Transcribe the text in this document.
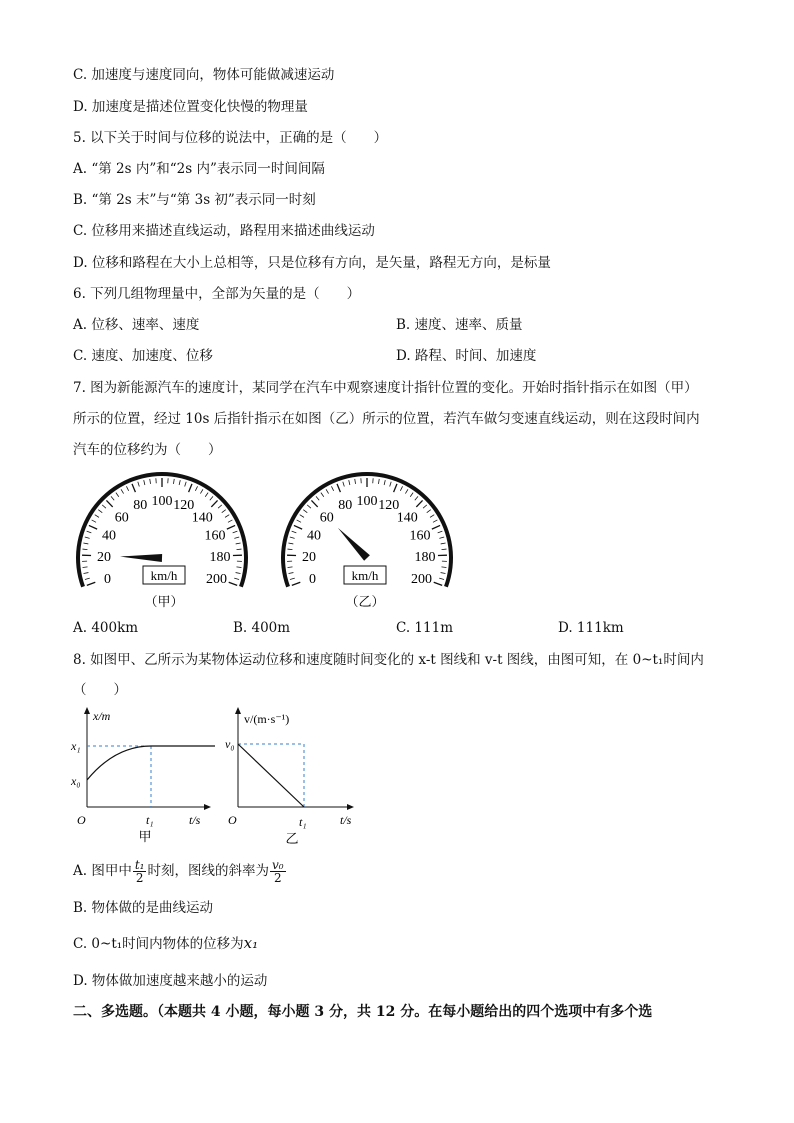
C. 加速度与速度同向，物体可能做减速运动
D. 加速度是描述位置变化快慢的物理量
5. 以下关于时间与位移的说法中，正确的是（　　）
A. “第 2s 内”和“2s 内”表示同一时间间隔
B. “第 2s 末”与“第 3s 初”表示同一时刻
C. 位移用来描述直线运动，路程用来描述曲线运动
D. 位移和路程在大小上总相等，只是位移有方向，是矢量，路程无方向，是标量
6. 下列几组物理量中，全部为矢量的是（　　）
A. 位移、速率、速度	B. 速度、速率、质量
C. 速度、加速度、位移	D. 路程、时间、加速度
7. 图为新能源汽车的速度计，某同学在汽车中观察速度计指针位置的变化。开始时指针指示在如图（甲）
所示的位置，经过 10s 后指针指示在如图（乙）所示的位置，若汽车做匀变速直线运动，则在这段时间内
汽车的位移约为（　　）
0
20
40
60
80 100 120
140
160
180
200
km/h
（甲）
0
20
40
60
80 100 120
140
160
180
200
km/h
（乙）
A. 400km	B. 400m	C. 111m	D. 111km
8. 如图甲、乙所示为某物体运动位移和速度随时间变化的 x-t 图线和 v-t 图线，由图可知，在 0~t₁时间内
（　　）
x/m
x₁
x₀
O	t₁	t/s
甲
v/(m·s⁻¹)
v₀
O	t₁	t/s
乙
A. 图甲中 $\frac{\text{t₁}}{2}$ 时刻，图线的斜率为 $\frac{\text{v₀}}{2}$
B. 物体做的是曲线运动
C. 0~t₁时间内物体的位移为x₁
D. 物体做加速度越来越小的运动
二、多选题。（本题共 4 小题，每小题 3 分，共 12 分。在每小题给出的四个选项中有多个选
